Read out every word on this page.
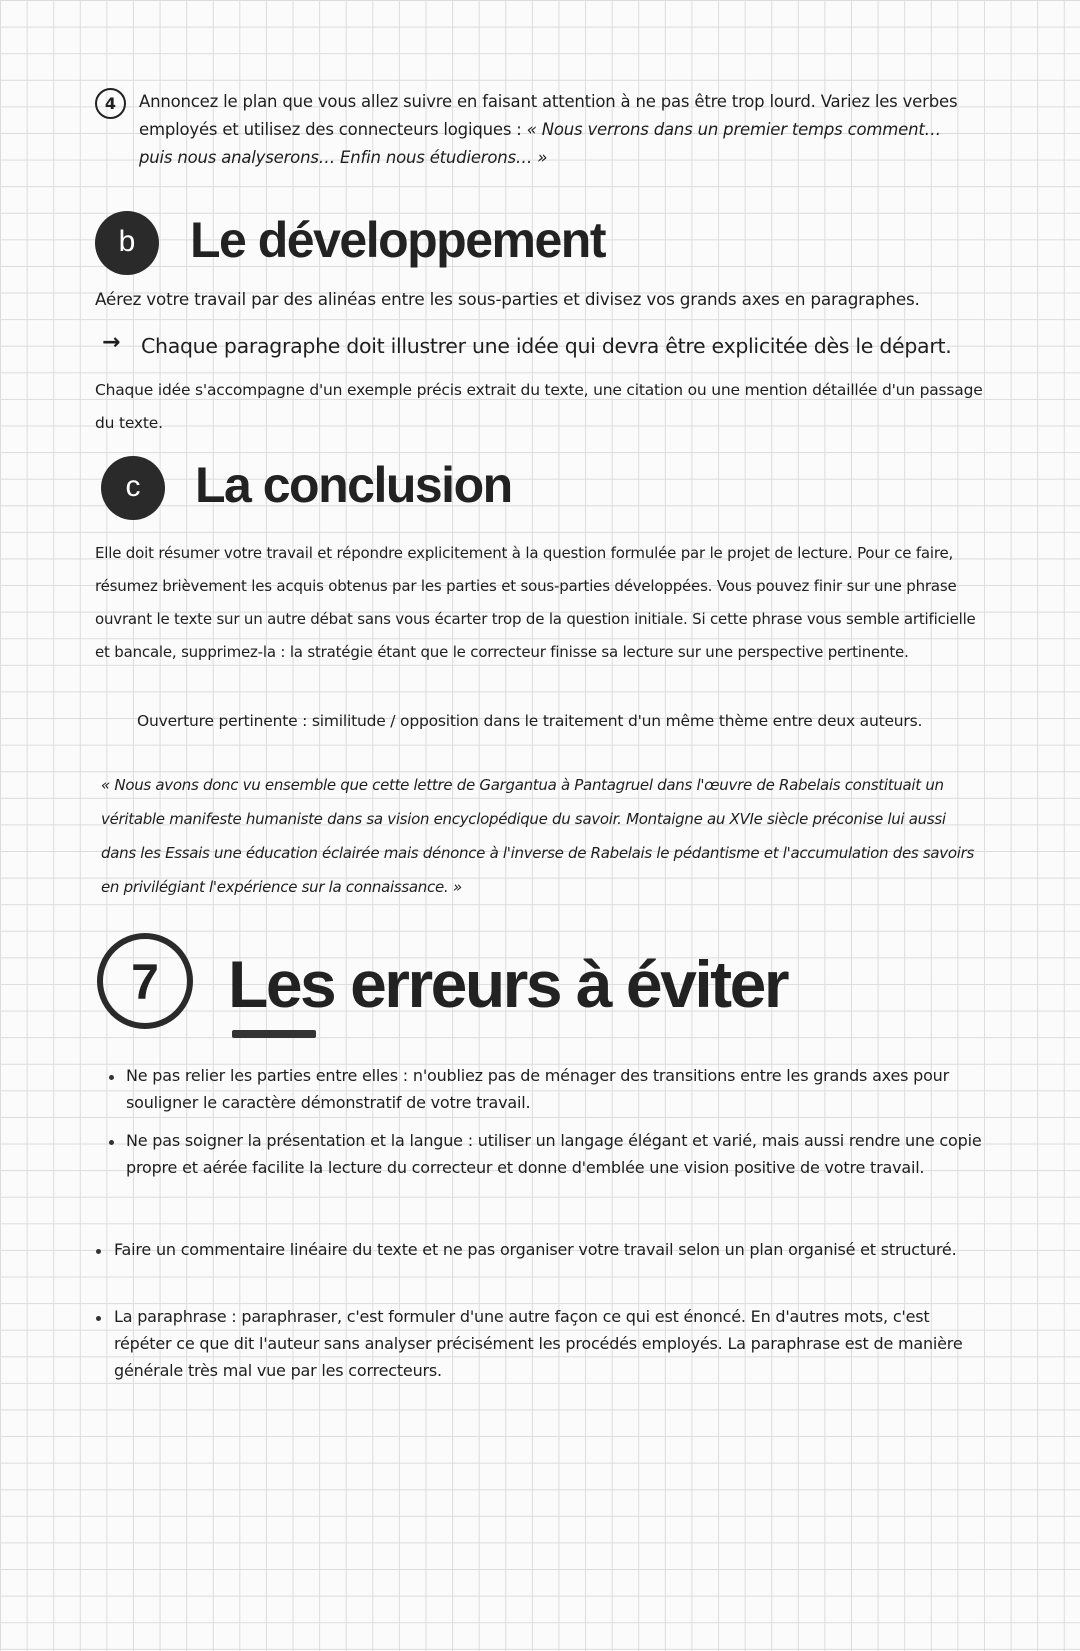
4	Annoncez le plan que vous allez suivre en faisant attention à ne pas être trop lourd. Variez les verbes employés et utilisez des connecteurs logiques : « Nous verrons dans un premier temps comment… puis nous analyserons… Enfin nous étudierons… »
b	Le développement
Aérez votre travail par des alinéas entre les sous-parties et divisez vos grands axes en paragraphes.
→ Chaque paragraphe doit illustrer une idée qui devra être explicitée dès le départ.
Chaque idée s'accompagne d'un exemple précis extrait du texte, une citation ou une mention détaillée d'un passage du texte.
c	La conclusion
Elle doit résumer votre travail et répondre explicitement à la question formulée par le projet de lecture. Pour ce faire, résumez brièvement les acquis obtenus par les parties et sous-parties développées. Vous pouvez finir sur une phrase ouvrant le texte sur un autre débat sans vous écarter trop de la question initiale. Si cette phrase vous semble artificielle et bancale, supprimez-la : la stratégie étant que le correcteur finisse sa lecture sur une perspective pertinente.
Ouverture pertinente : similitude / opposition dans le traitement d'un même thème entre deux auteurs.
« Nous avons donc vu ensemble que cette lettre de Gargantua à Pantagruel dans l'œuvre de Rabelais constituait un véritable manifeste humaniste dans sa vision encyclopédique du savoir. Montaigne au XVIe siècle préconise lui aussi dans les Essais une éducation éclairée mais dénonce à l'inverse de Rabelais le pédantisme et l'accumulation des savoirs en privilégiant l'expérience sur la connaissance. »
7	Les erreurs à éviter
Ne pas relier les parties entre elles : n'oubliez pas de ménager des transitions entre les grands axes pour souligner le caractère démonstratif de votre travail.
Ne pas soigner la présentation et la langue : utiliser un langage élégant et varié, mais aussi rendre une copie propre et aérée facilite la lecture du correcteur et donne d'emblée une vision positive de votre travail.
Faire un commentaire linéaire du texte et ne pas organiser votre travail selon un plan organisé et structuré.
La paraphrase : paraphraser, c'est formuler d'une autre façon ce qui est énoncé. En d'autres mots, c'est répéter ce que dit l'auteur sans analyser précisément les procédés employés. La paraphrase est de manière générale très mal vue par les correcteurs.
